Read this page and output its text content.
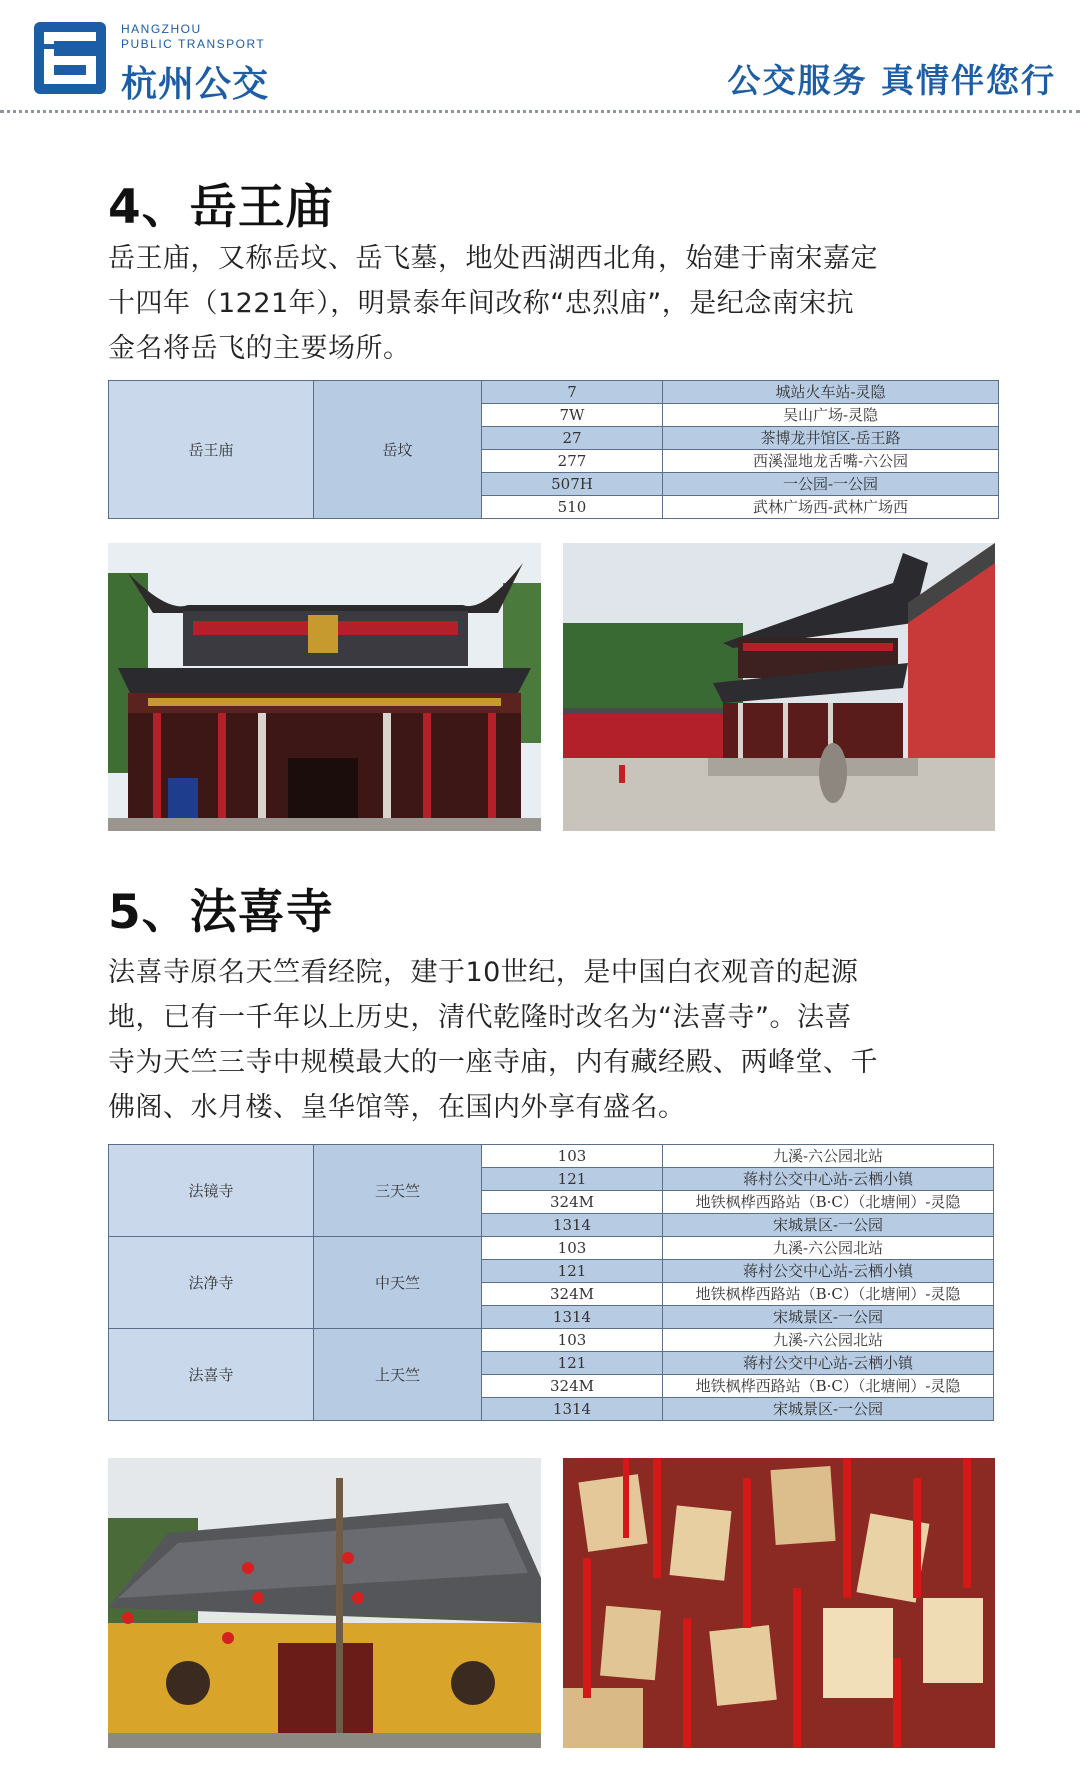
HANGZHOU
PUBLIC TRANSPORT
杭州公交	公交服务 真情伴您行
4、岳王庙
岳王庙，又称岳坟、岳飞墓，地处西湖西北角，始建于南宋嘉定
十四年（1221年），明景泰年间改称“忠烈庙”，是纪念南宋抗
金名将岳飞的主要场所。
岳王庙	岳坟	7	城站火车站-灵隐
		7W	吴山广场-灵隐
		27	茶博龙井馆区-岳王路
		277	西溪湿地龙舌嘴-六公园
		507H	一公园-一公园
		510	武林广场西-武林广场西
5、法喜寺
法喜寺原名天竺看经院，建于10世纪，是中国白衣观音的起源
地，已有一千年以上历史，清代乾隆时改名为“法喜寺”。法喜
寺为天竺三寺中规模最大的一座寺庙，内有藏经殿、两峰堂、千
佛阁、水月楼、皇华馆等，在国内外享有盛名。
法镜寺	三天竺	103	九溪-六公园北站
		121	蒋村公交中心站-云栖小镇
		324M	地铁枫桦西路站（B·C）（北塘闸）-灵隐
		1314	宋城景区-一公园
法净寺	中天竺	103	九溪-六公园北站
		121	蒋村公交中心站-云栖小镇
		324M	地铁枫桦西路站（B·C）（北塘闸）-灵隐
		1314	宋城景区-一公园
法喜寺	上天竺	103	九溪-六公园北站
		121	蒋村公交中心站-云栖小镇
		324M	地铁枫桦西路站（B·C）（北塘闸）-灵隐
		1314	宋城景区-一公园
